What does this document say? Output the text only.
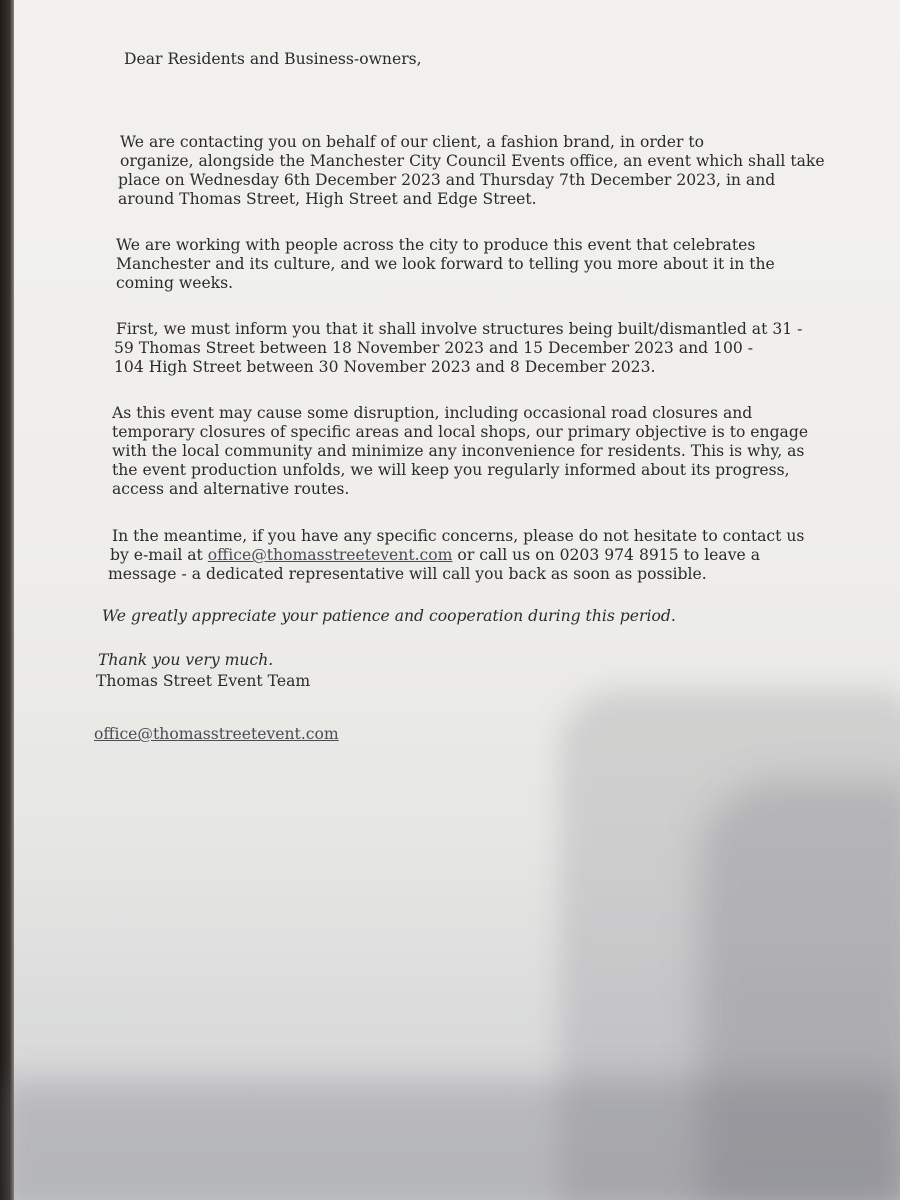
Dear Residents and Business-owners,
We are contacting you on behalf of our client, a fashion brand, in order to
organize, alongside the Manchester City Council Events office, an event which shall take
place on Wednesday 6th December 2023 and Thursday 7th December 2023, in and
around Thomas Street, High Street and Edge Street.
We are working with people across the city to produce this event that celebrates
Manchester and its culture, and we look forward to telling you more about it in the
coming weeks.
First, we must inform you that it shall involve structures being built/dismantled at 31 -
59 Thomas Street between 18 November 2023 and 15 December 2023 and 100 -
104 High Street between 30 November 2023 and 8 December 2023.
As this event may cause some disruption, including occasional road closures and
temporary closures of specific areas and local shops, our primary objective is to engage
with the local community and minimize any inconvenience for residents. This is why, as
the event production unfolds, we will keep you regularly informed about its progress,
access and alternative routes.
In the meantime, if you have any specific concerns, please do not hesitate to contact us
by e-mail at office@thomasstreetevent.com or call us on 0203 974 8915 to leave a
message - a dedicated representative will call you back as soon as possible.
We greatly appreciate your patience and cooperation during this period.
Thank you very much.
Thomas Street Event Team
office@thomasstreetevent.com
